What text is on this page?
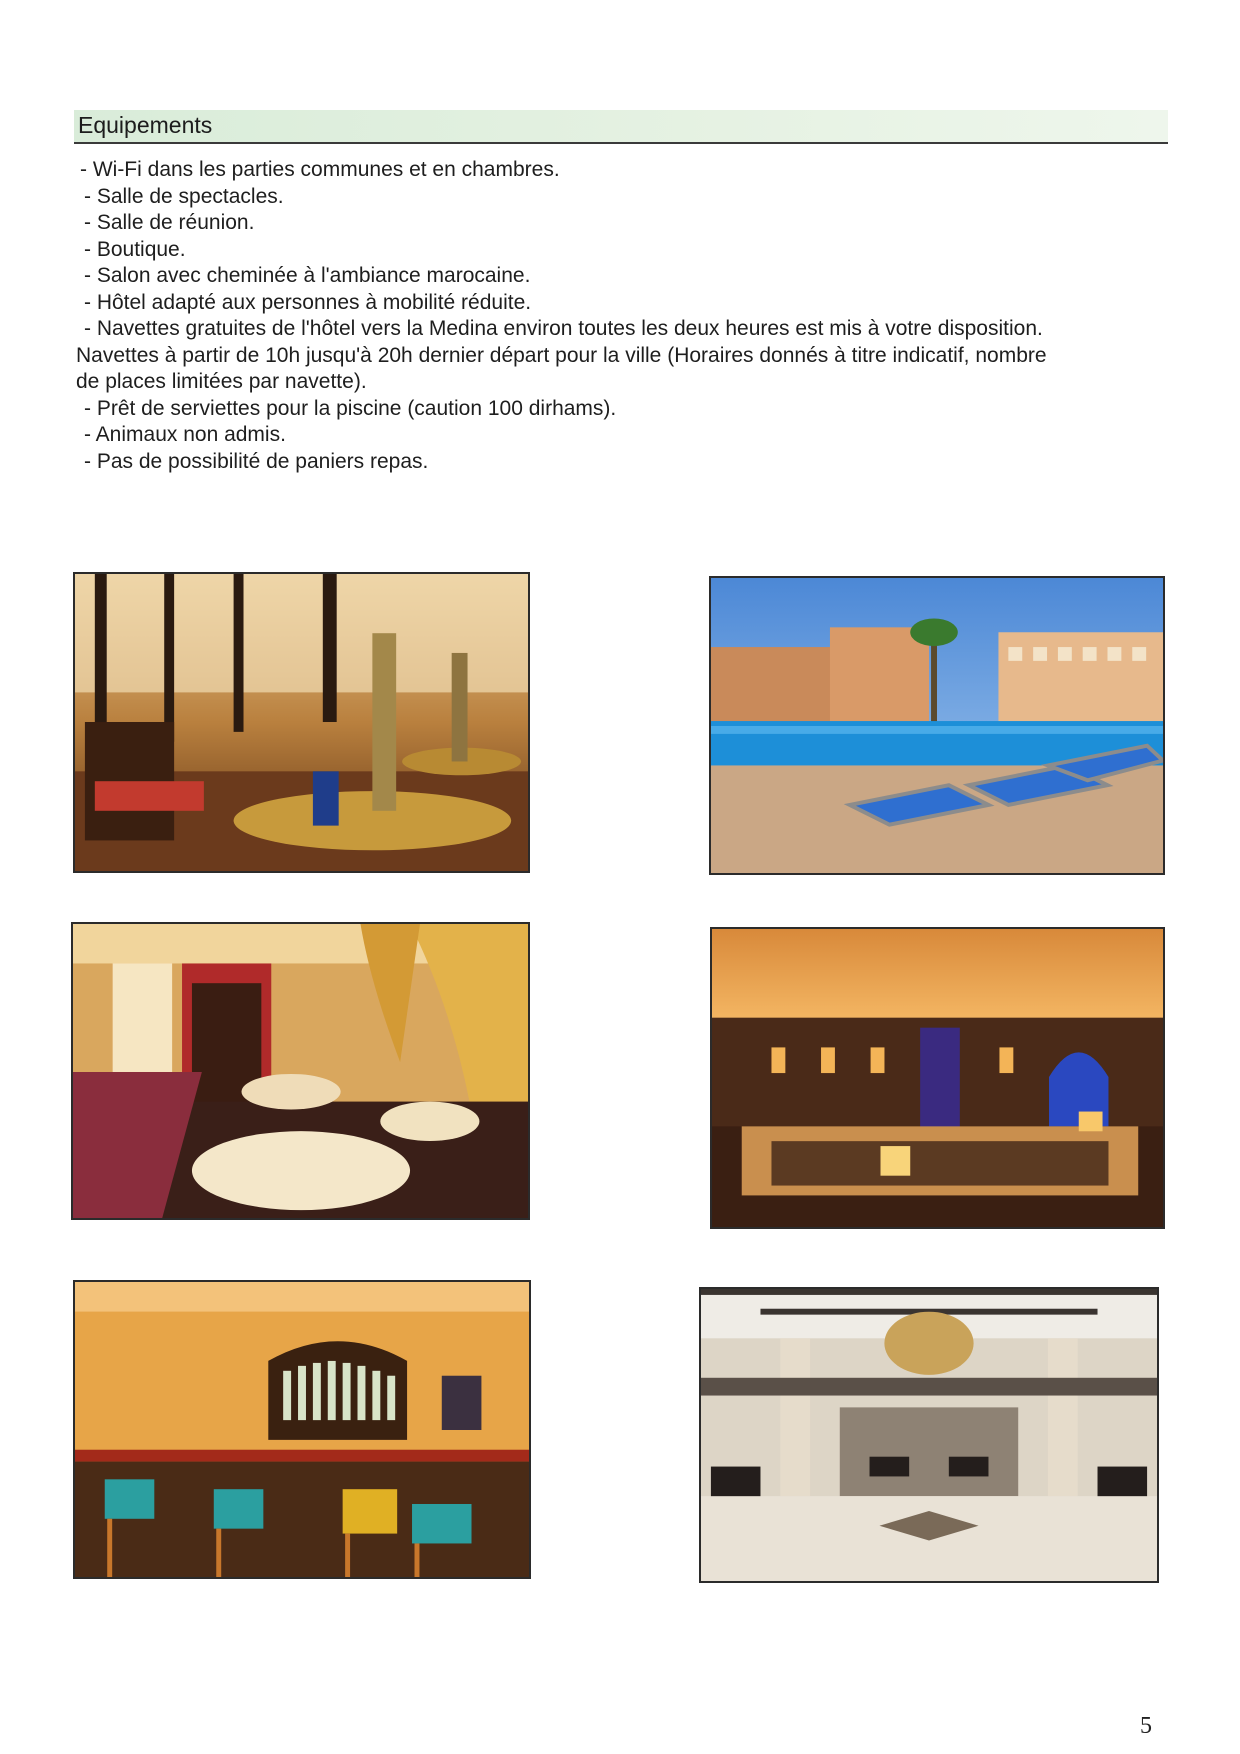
Equipements

- Wi-Fi dans les parties communes et en chambres.

- Salle de spectacles.

- Salle de réunion.

- Boutique.

- Salon avec cheminée à l'ambiance marocaine.

- Hôtel adapté aux personnes à mobilité réduite.

- Navettes gratuites de l'hôtel vers la Medina environ toutes les deux heures est mis à votre disposition.

Navettes à partir de 10h jusqu'à 20h dernier départ pour la ville (Horaires donnés à titre indicatif, nombre

de places limitées par navette).

- Prêt de serviettes pour la piscine (caution 100 dirhams).

- Animaux non admis.

- Pas de possibilité de paniers repas.

5
